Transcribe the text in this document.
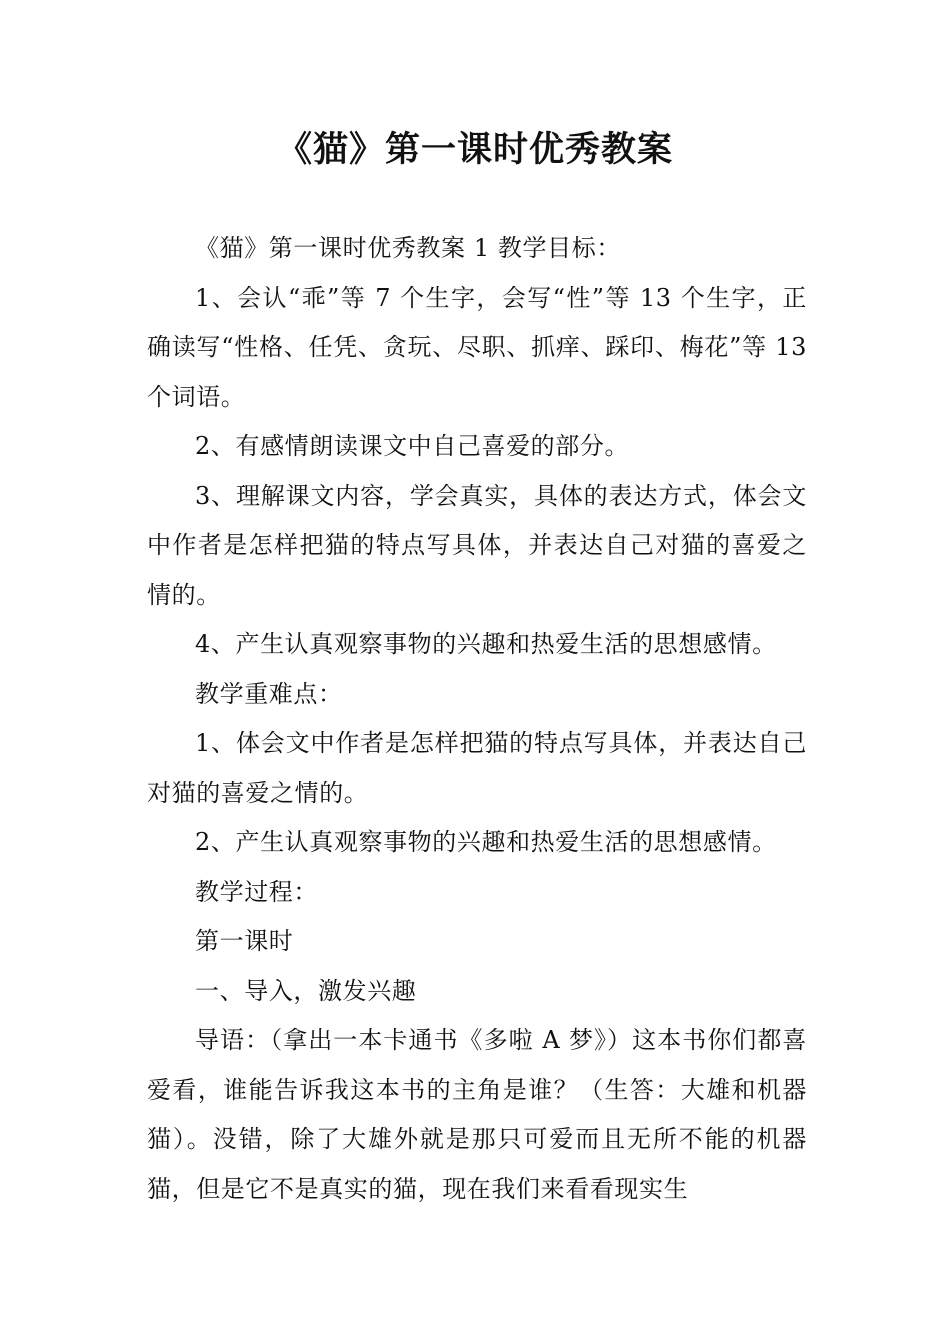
《猫》第一课时优秀教案

《猫》第一课时优秀教案 1 教学目标：

1、会认“乖”等 7 个生字，会写“性”等 13 个生字，正确读写“性格、任凭、贪玩、尽职、抓痒、踩印、梅花”等 13 个词语。

2、有感情朗读课文中自己喜爱的部分。

3、理解课文内容，学会真实，具体的表达方式，体会文中作者是怎样把猫的特点写具体，并表达自己对猫的喜爱之情的。

4、产生认真观察事物的兴趣和热爱生活的思想感情。

教学重难点：

1、体会文中作者是怎样把猫的特点写具体，并表达自己对猫的喜爱之情的。

2、产生认真观察事物的兴趣和热爱生活的思想感情。

教学过程：

第一课时

一、导入，激发兴趣

导语：（拿出一本卡通书《多啦 A 梦》）这本书你们都喜爱看，谁能告诉我这本书的主角是谁？（生答：大雄和机器猫）。没错，除了大雄外就是那只可爱而且无所不能的机器猫，但是它不是真实的猫，现在我们来看看现实生
